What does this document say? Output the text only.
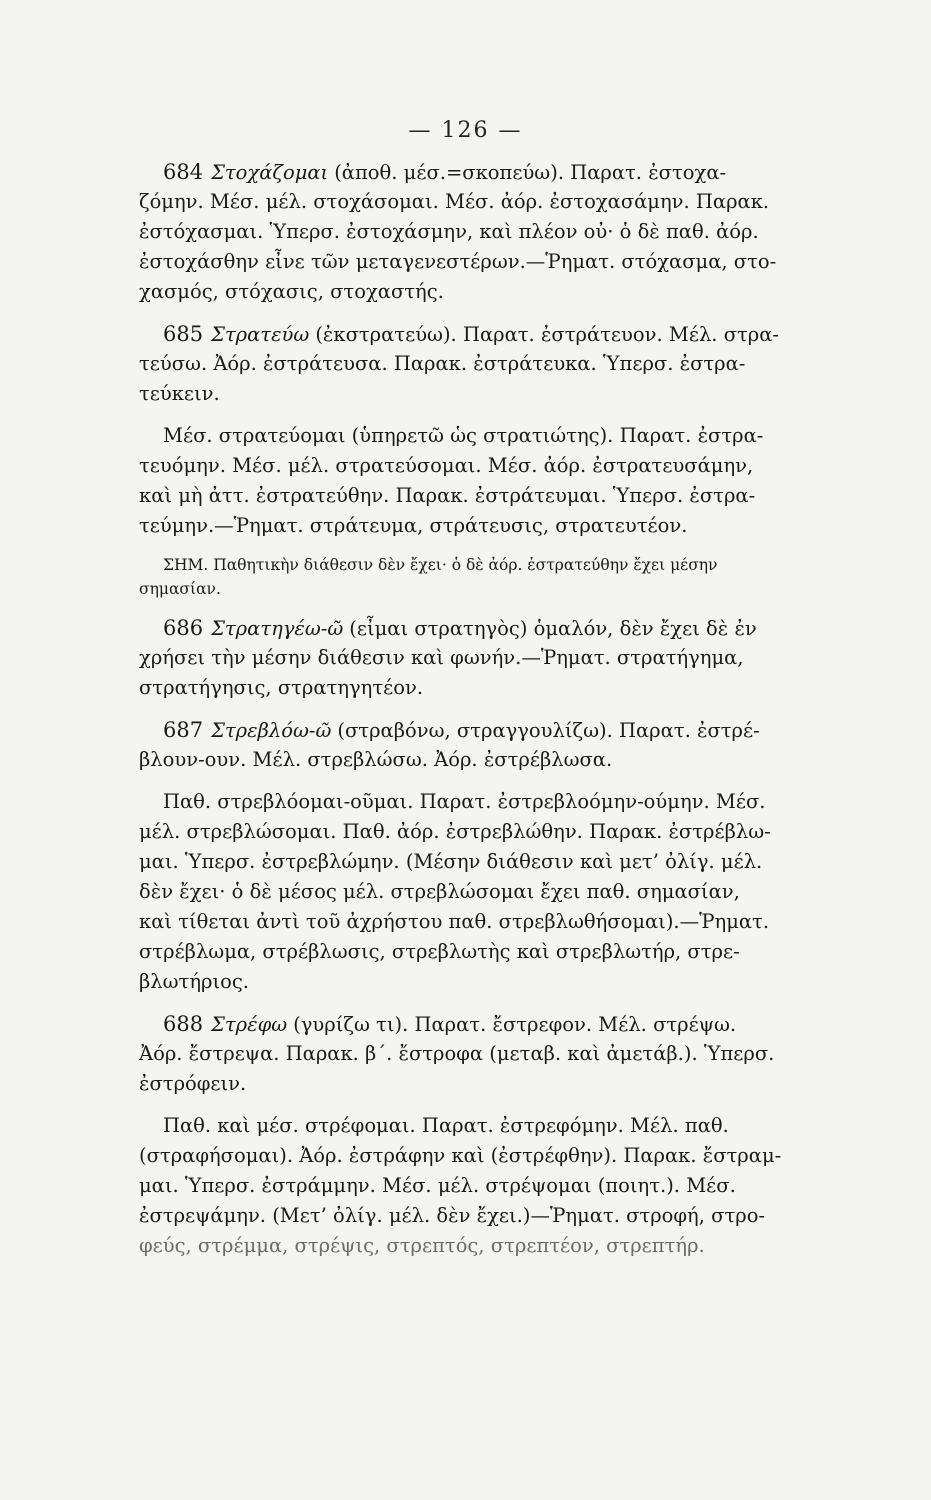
— 126 —
684 Στοχάζομαι (ἀποθ. μέσ.=σκοπεύω). Παρατ. ἐστοχα-
ζόμην. Μέσ. μέλ. στοχάσομαι. Μέσ. ἀόρ. ἐστοχασάμην. Παρακ.
ἐστόχασμαι. Ὑπερσ. ἐστοχάσμην, καὶ πλέον οὐ· ὁ δὲ παθ. ἀόρ.
ἐστοχάσθην εἶνε τῶν μεταγενεστέρων.—Ῥηματ. στόχασμα, στο-
χασμός, στόχασις, στοχαστής.
685 Στρατεύω (ἐκστρατεύω). Παρατ. ἐστράτευον. Μέλ. στρα-
τεύσω. Ἀόρ. ἐστράτευσα. Παρακ. ἐστράτευκα. Ὑπερσ. ἐστρα-
τεύκειν.
Μέσ. στρατεύομαι (ὑπηρετῶ ὡς στρατιώτης). Παρατ. ἐστρα-
τευόμην. Μέσ. μέλ. στρατεύσομαι. Μέσ. ἀόρ. ἐστρατευσάμην,
καὶ μὴ ἀττ. ἐστρατεύθην. Παρακ. ἐστράτευμαι. Ὑπερσ. ἐστρα-
τεύμην.—Ῥηματ. στράτευμα, στράτευσις, στρατευτέον.
ΣΗΜ. Παθητικὴν διάθεσιν δὲν ἔχει· ὁ δὲ ἀόρ. ἐστρατεύθην ἔχει μέσην
σημασίαν.
686 Στρατηγέω-ῶ (εἶμαι στρατηγὸς) ὁμαλόν, δὲν ἔχει δὲ ἐν
χρήσει τὴν μέσην διάθεσιν καὶ φωνήν.—Ῥηματ. στρατήγημα,
στρατήγησις, στρατηγητέον.
687 Στρεβλόω-ῶ (στραβόνω, στραγγουλίζω). Παρατ. ἐστρέ-
βλουν-ουν. Μέλ. στρεβλώσω. Ἀόρ. ἐστρέβλωσα.
Παθ. στρεβλόομαι-οῦμαι. Παρατ. ἐστρεβλοόμην-ούμην. Μέσ.
μέλ. στρεβλώσομαι. Παθ. ἀόρ. ἐστρεβλώθην. Παρακ. ἐστρέβλω-
μαι. Ὑπερσ. ἐστρεβλώμην. (Μέσην διάθεσιν καὶ μετ’ ὀλίγ. μέλ.
δὲν ἔχει· ὁ δὲ μέσος μέλ. στρεβλώσομαι ἔχει παθ. σημασίαν,
καὶ τίθεται ἀντὶ τοῦ ἀχρήστου παθ. στρεβλωθήσομαι).—Ῥηματ.
στρέβλωμα, στρέβλωσις, στρεβλωτὴς καὶ στρεβλωτήρ, στρε-
βλωτήριος.
688 Στρέφω (γυρίζω τι). Παρατ. ἔστρεφον. Μέλ. στρέψω.
Ἀόρ. ἔστρεψα. Παρακ. β΄. ἔστροφα (μεταβ. καὶ ἀμετάβ.). Ὑπερσ.
ἐστρόφειν.
Παθ. καὶ μέσ. στρέφομαι. Παρατ. ἐστρεφόμην. Μέλ. παθ.
(στραφήσομαι). Ἀόρ. ἐστράφην καὶ (ἐστρέφθην). Παρακ. ἔστραμ-
μαι. Ὑπερσ. ἐστράμμην. Μέσ. μέλ. στρέψομαι (ποιητ.). Μέσ.
ἐστρεψάμην. (Μετ’ ὀλίγ. μέλ. δὲν ἔχει.)—Ῥηματ. στροφή, στρο-
φεύς, στρέμμα, στρέψις, στρεπτός, στρεπτέον, στρεπτήρ.
